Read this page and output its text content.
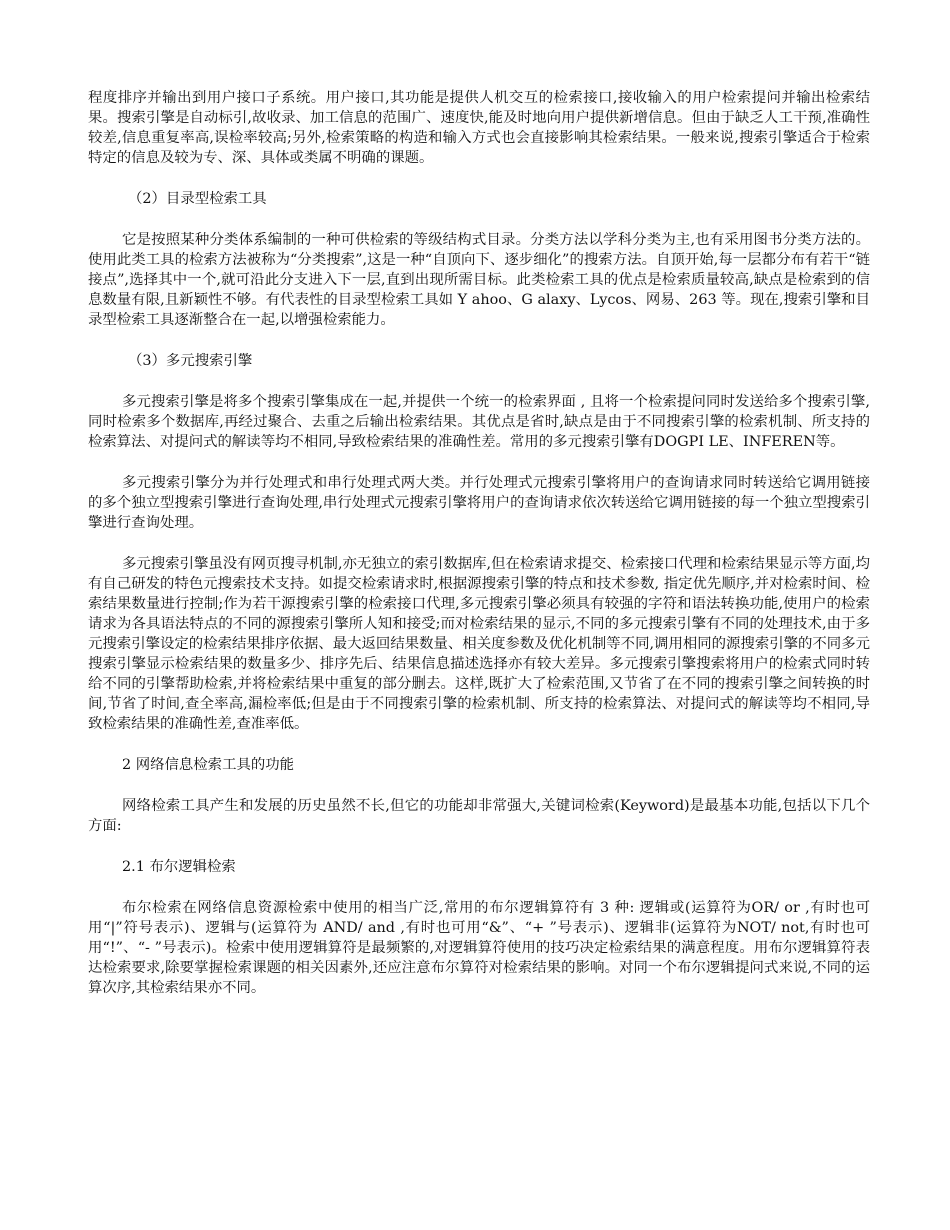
程度排序并输出到用户接口子系统。用户接口,其功能是提供人机交互的检索接口,接收输入的用户检索提问并输出检索结果。搜索引擎是自动标引,故收录、加工信息的范围广、速度快,能及时地向用户提供新增信息。但由于缺乏人工干预,准确性较差,信息重复率高,误检率较高;另外,检索策略的构造和输入方式也会直接影响其检索结果。一般来说,搜索引擎适合于检索特定的信息及较为专、深、具体或类属不明确的课题。

（2）目录型检索工具

它是按照某种分类体系编制的一种可供检索的等级结构式目录。分类方法以学科分类为主,也有采用图书分类方法的。使用此类工具的检索方法被称为“分类搜索”,这是一种“自顶向下、逐步细化”的搜索方法。自顶开始,每一层都分布有若干“链接点”,选择其中一个,就可沿此分支进入下一层,直到出现所需目标。此类检索工具的优点是检索质量较高,缺点是检索到的信息数量有限,且新颖性不够。有代表性的目录型检索工具如 Y ahoo、G alaxy、Lycos、网易、263 等。现在,搜索引擎和目录型检索工具逐渐整合在一起,以增强检索能力。

（3）多元搜索引擎

多元搜索引擎是将多个搜索引擎集成在一起,并提供一个统一的检索界面 , 且将一个检索提问同时发送给多个搜索引擎,同时检索多个数据库,再经过聚合、去重之后输出检索结果。其优点是省时,缺点是由于不同搜索引擎的检索机制、所支持的检索算法、对提问式的解读等均不相同,导致检索结果的准确性差。常用的多元搜索引擎有DOGPI LE、INFEREN等。

多元搜索引擎分为并行处理式和串行处理式两大类。并行处理式元搜索引擎将用户的查询请求同时转送给它调用链接的多个独立型搜索引擎进行查询处理,串行处理式元搜索引擎将用户的查询请求依次转送给它调用链接的每一个独立型搜索引擎进行查询处理。

多元搜索引擎虽没有网页搜寻机制,亦无独立的索引数据库,但在检索请求提交、检索接口代理和检索结果显示等方面,均有自己研发的特色元搜索技术支持。如提交检索请求时,根据源搜索引擎的特点和技术参数, 指定优先顺序,并对检索时间、检索结果数量进行控制;作为若干源搜索引擎的检索接口代理,多元搜索引擎必须具有较强的字符和语法转换功能,使用户的检索请求为各具语法特点的不同的源搜索引擎所人知和接受;而对检索结果的显示,不同的多元搜索引擎有不同的处理技术,由于多元搜索引擎设定的检索结果排序依据、最大返回结果数量、相关度参数及优化机制等不同,调用相同的源搜索引擎的不同多元搜索引擎显示检索结果的数量多少、排序先后、结果信息描述选择亦有较大差异。多元搜索引擎搜索将用户的检索式同时转给不同的引擎帮助检索,并将检索结果中重复的部分删去。这样,既扩大了检索范围,又节省了在不同的搜索引擎之间转换的时间,节省了时间,查全率高,漏检率低;但是由于不同搜索引擎的检索机制、所支持的检索算法、对提问式的解读等均不相同,导致检索结果的准确性差,查准率低。

2 网络信息检索工具的功能

网络检索工具产生和发展的历史虽然不长,但它的功能却非常强大,关键词检索(Keyword)是最基本功能,包括以下几个方面:

2.1 布尔逻辑检索

布尔检索在网络信息资源检索中使用的相当广泛,常用的布尔逻辑算符有 3 种: 逻辑或(运算符为OR/ or ,有时也可用“|”符号表示)、逻辑与(运算符为 AND/ and ,有时也可用“&”、“+ ”号表示)、逻辑非(运算符为NOT/ not,有时也可用“!”、“- ”号表示)。检索中使用逻辑算符是最频繁的,对逻辑算符使用的技巧决定检索结果的满意程度。用布尔逻辑算符表达检索要求,除要掌握检索课题的相关因素外,还应注意布尔算符对检索结果的影响。对同一个布尔逻辑提问式来说,不同的运算次序,其检索结果亦不同。
